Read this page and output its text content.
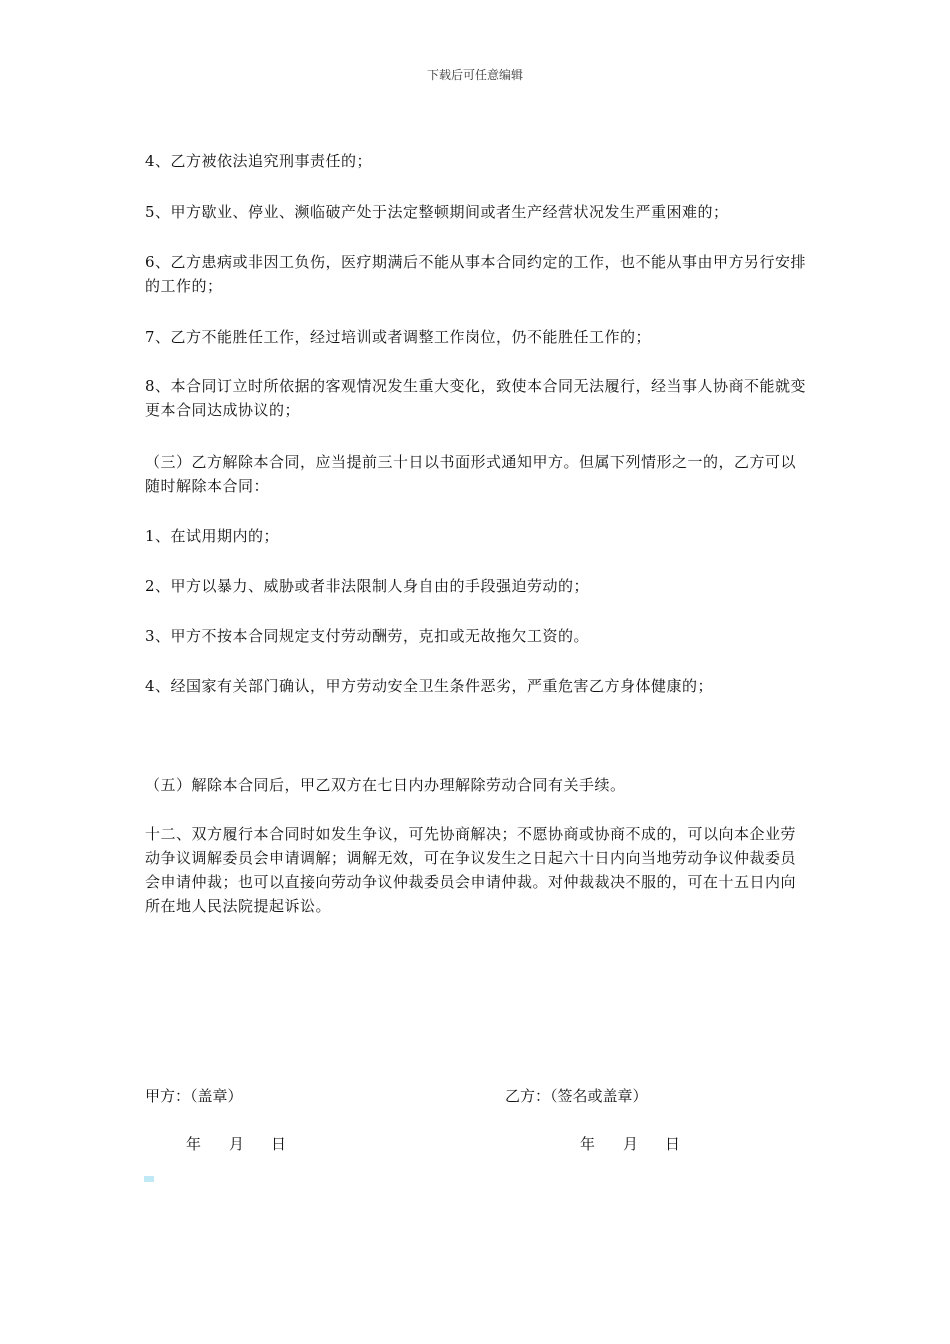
下载后可任意编辑

4、乙方被依法追究刑事责任的；

5、甲方歇业、停业、濒临破产处于法定整顿期间或者生产经营状况发生严重困难的；

6、乙方患病或非因工负伤，医疗期满后不能从事本合同约定的工作，也不能从事由甲方另行安排的工作的；

7、乙方不能胜任工作，经过培训或者调整工作岗位，仍不能胜任工作的；

8、本合同订立时所依据的客观情况发生重大变化，致使本合同无法履行，经当事人协商不能就变更本合同达成协议的；

（三）乙方解除本合同，应当提前三十日以书面形式通知甲方。但属下列情形之一的，乙方可以随时解除本合同：

1、在试用期内的；

2、甲方以暴力、威胁或者非法限制人身自由的手段强迫劳动的；

3、甲方不按本合同规定支付劳动酬劳，克扣或无故拖欠工资的。

4、经国家有关部门确认，甲方劳动安全卫生条件恶劣，严重危害乙方身体健康的；

（五）解除本合同后，甲乙双方在七日内办理解除劳动合同有关手续。

十二、双方履行本合同时如发生争议，可先协商解决；不愿协商或协商不成的，可以向本企业劳动争议调解委员会申请调解；调解无效，可在争议发生之日起六十日内向当地劳动争议仲裁委员会申请仲裁；也可以直接向劳动争议仲裁委员会申请仲裁。对仲裁裁决不服的，可在十五日内向所在地人民法院提起诉讼。

甲方：（盖章）	乙方：（签名或盖章）
年 月 日	年 月 日
